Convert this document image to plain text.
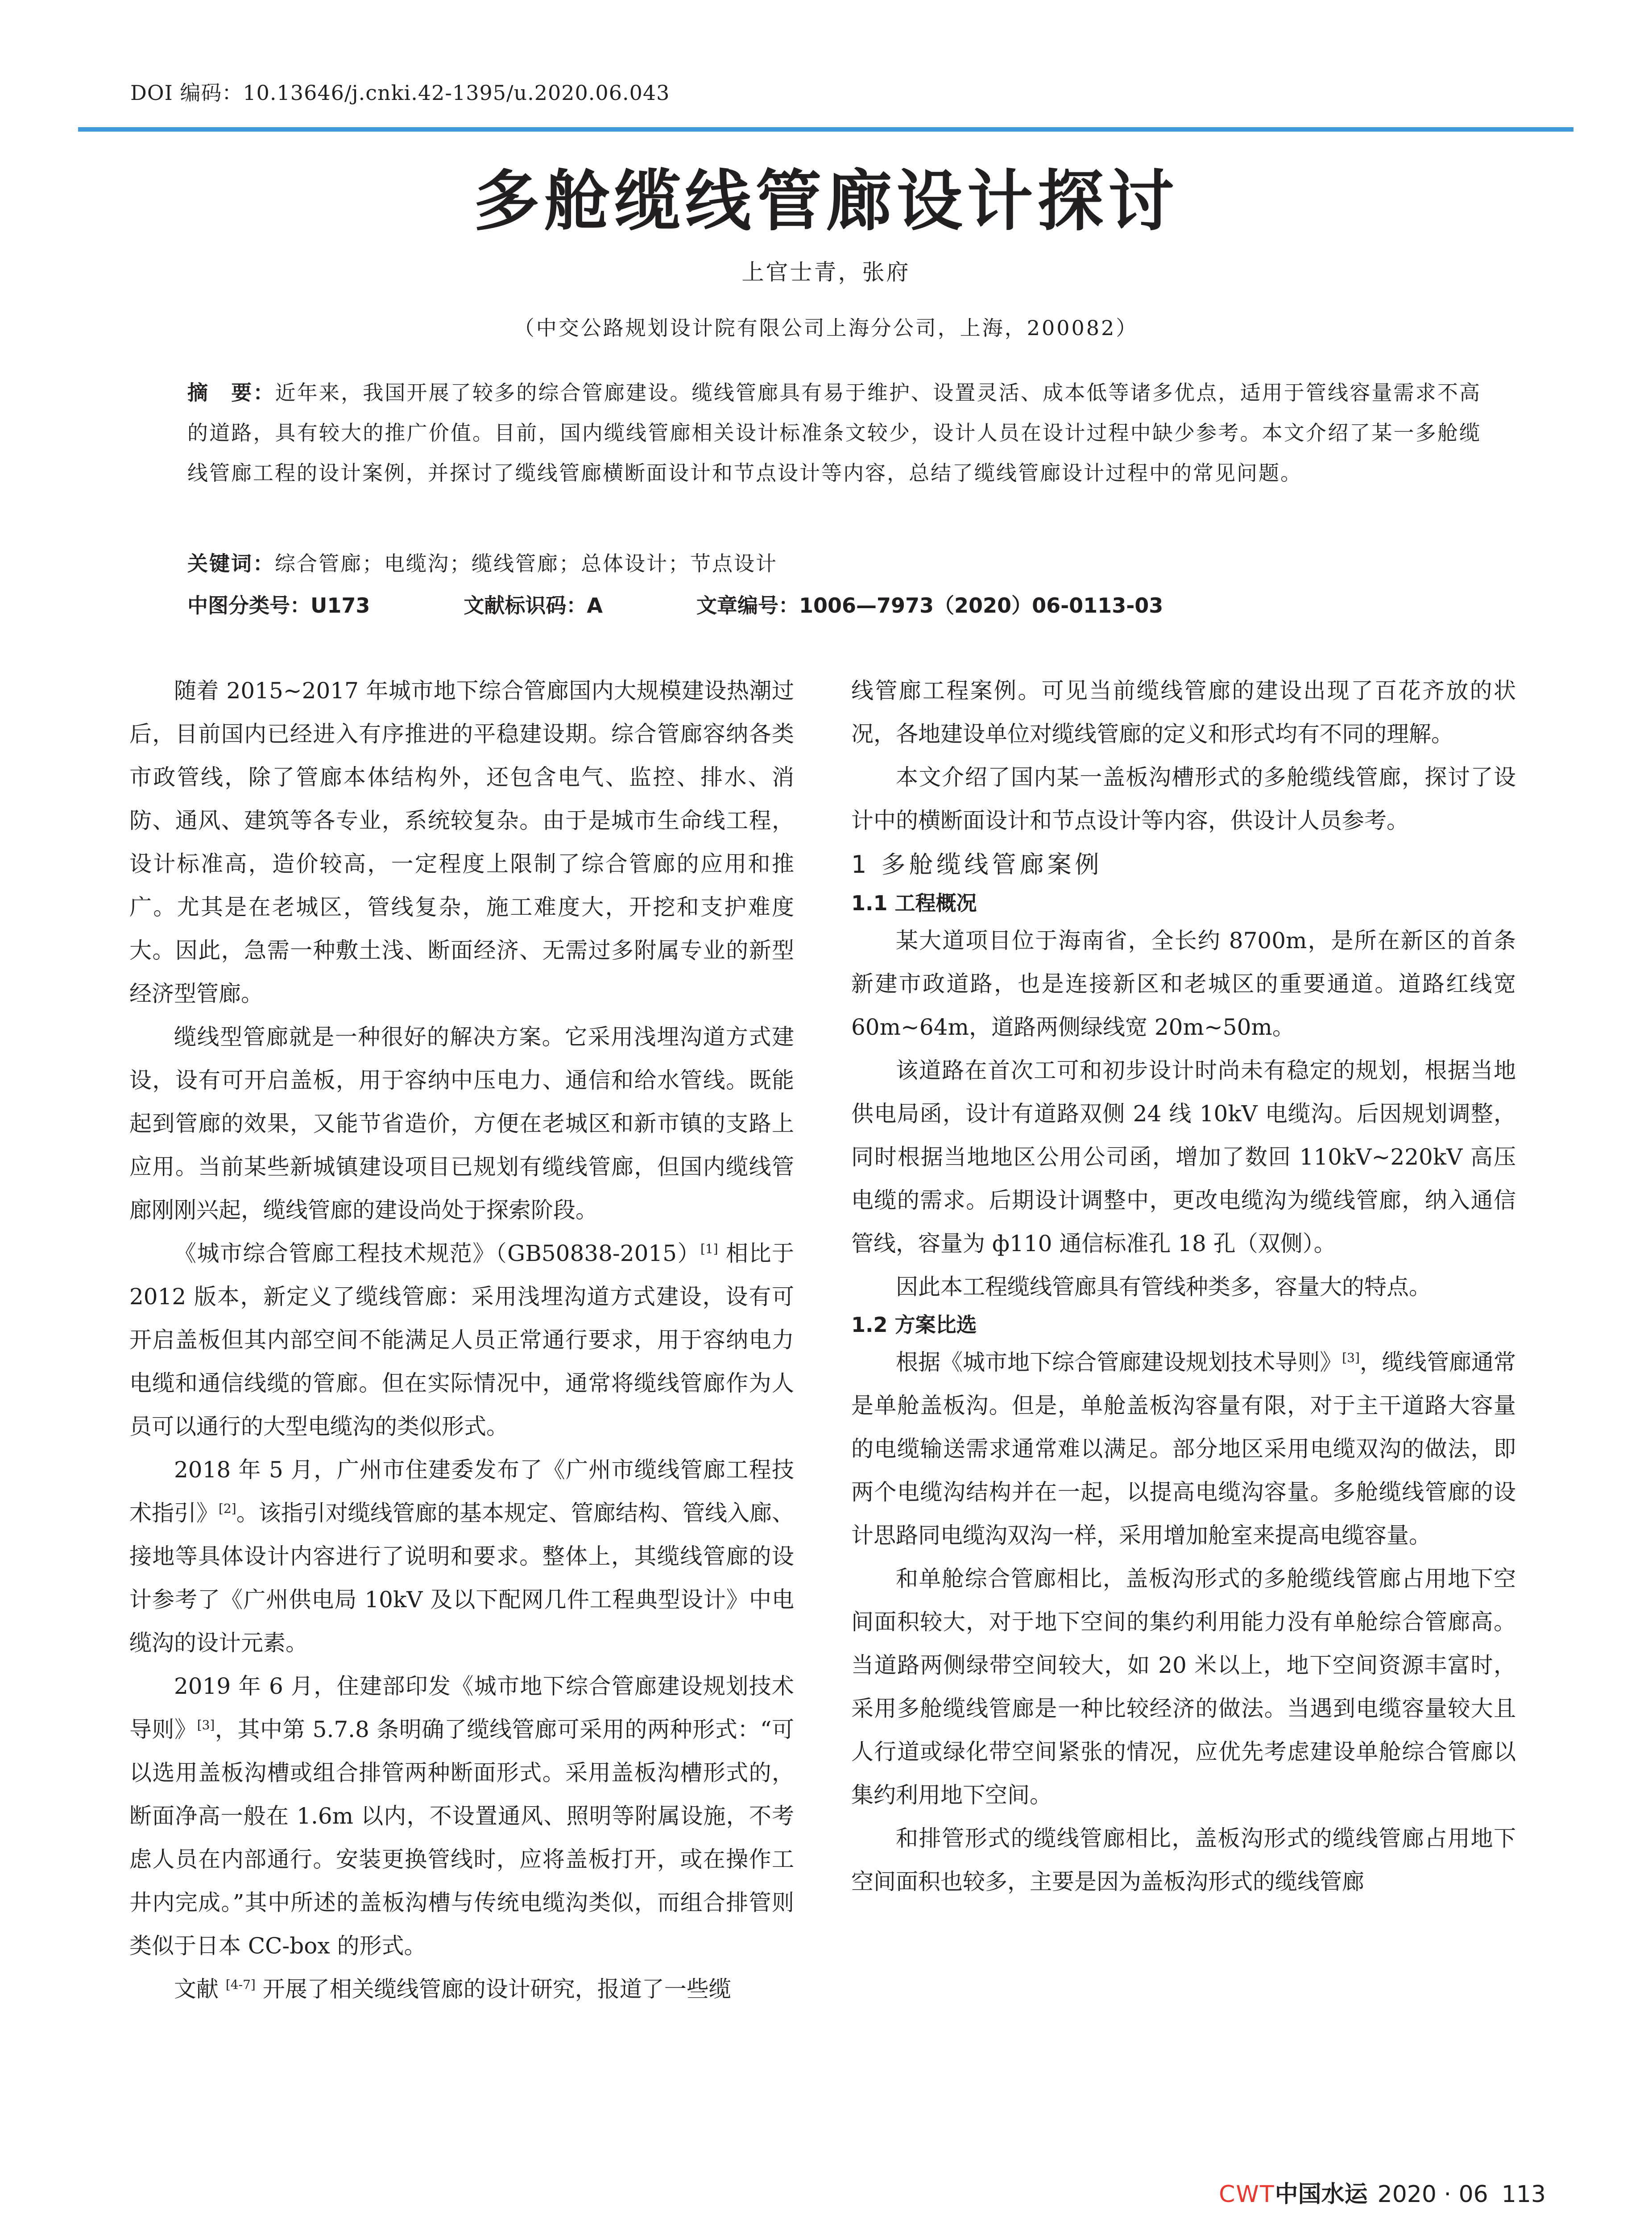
DOI 编码：10.13646/j.cnki.42-1395/u.2020.06.043
多舱缆线管廊设计探讨
上官士青，张府
（中交公路规划设计院有限公司上海分公司，上海，200082）
摘　要：近年来，我国开展了较多的综合管廊建设。缆线管廊具有易于维护、设置灵活、成本低等诸多优点，适用于管线容量需求不高的道路，具有较大的推广价值。目前，国内缆线管廊相关设计标准条文较少，设计人员在设计过程中缺少参考。本文介绍了某一多舱缆线管廊工程的设计案例，并探讨了缆线管廊横断面设计和节点设计等内容，总结了缆线管廊设计过程中的常见问题。
关键词：综合管廊；电缆沟；缆线管廊；总体设计；节点设计
中图分类号：U173	文献标识码：A	文章编号：1006—7973（2020）06-0113-03

随着 2015~2017 年城市地下综合管廊国内大规模建设热潮过后，目前国内已经进入有序推进的平稳建设期。综合管廊容纳各类市政管线，除了管廊本体结构外，还包含电气、监控、排水、消防、通风、建筑等各专业，系统较复杂。由于是城市生命线工程，设计标准高，造价较高，一定程度上限制了综合管廊的应用和推广。尤其是在老城区，管线复杂，施工难度大，开挖和支护难度大。因此，急需一种敷土浅、断面经济、无需过多附属专业的新型经济型管廊。

缆线型管廊就是一种很好的解决方案。它采用浅埋沟道方式建设，设有可开启盖板，用于容纳中压电力、通信和给水管线。既能起到管廊的效果，又能节省造价，方便在老城区和新市镇的支路上应用。当前某些新城镇建设项目已规划有缆线管廊，但国内缆线管廊刚刚兴起，缆线管廊的建设尚处于探索阶段。

《城市综合管廊工程技术规范》（GB50838-2015）[1] 相比于 2012 版本，新定义了缆线管廊：采用浅埋沟道方式建设，设有可开启盖板但其内部空间不能满足人员正常通行要求，用于容纳电力电缆和通信线缆的管廊。但在实际情况中，通常将缆线管廊作为人员可以通行的大型电缆沟的类似形式。

2018 年 5 月，广州市住建委发布了《广州市缆线管廊工程技术指引》[2]。该指引对缆线管廊的基本规定、管廊结构、管线入廊、接地等具体设计内容进行了说明和要求。整体上，其缆线管廊的设计参考了《广州供电局 10kV 及以下配网几件工程典型设计》中电缆沟的设计元素。

2019 年 6 月，住建部印发《城市地下综合管廊建设规划技术导则》[3]，其中第 5.7.8 条明确了缆线管廊可采用的两种形式：“可以选用盖板沟槽或组合排管两种断面形式。采用盖板沟槽形式的，断面净高一般在 1.6m 以内，不设置通风、照明等附属设施，不考虑人员在内部通行。安装更换管线时，应将盖板打开，或在操作工井内完成。”其中所述的盖板沟槽与传统电缆沟类似，而组合排管则类似于日本 CC-box 的形式。

文献 [4-7] 开展了相关缆线管廊的设计研究，报道了一些缆

线管廊工程案例。可见当前缆线管廊的建设出现了百花齐放的状况，各地建设单位对缆线管廊的定义和形式均有不同的理解。

本文介绍了国内某一盖板沟槽形式的多舱缆线管廊，探讨了设计中的横断面设计和节点设计等内容，供设计人员参考。

1 多舱缆线管廊案例
1.1 工程概况

某大道项目位于海南省，全长约 8700m，是所在新区的首条新建市政道路，也是连接新区和老城区的重要通道。道路红线宽 60m~64m，道路两侧绿线宽 20m~50m。

该道路在首次工可和初步设计时尚未有稳定的规划，根据当地供电局函，设计有道路双侧 24 线 10kV 电缆沟。后因规划调整，同时根据当地地区公用公司函，增加了数回 110kV~220kV 高压电缆的需求。后期设计调整中，更改电缆沟为缆线管廊，纳入通信管线，容量为 ф110 通信标准孔 18 孔（双侧）。

因此本工程缆线管廊具有管线种类多，容量大的特点。

1.2 方案比选

根据《城市地下综合管廊建设规划技术导则》[3]，缆线管廊通常是单舱盖板沟。但是，单舱盖板沟容量有限，对于主干道路大容量的电缆输送需求通常难以满足。部分地区采用电缆双沟的做法，即两个电缆沟结构并在一起，以提高电缆沟容量。多舱缆线管廊的设计思路同电缆沟双沟一样，采用增加舱室来提高电缆容量。

和单舱综合管廊相比，盖板沟形式的多舱缆线管廊占用地下空间面积较大，对于地下空间的集约利用能力没有单舱综合管廊高。当道路两侧绿带空间较大，如 20 米以上，地下空间资源丰富时，采用多舱缆线管廊是一种比较经济的做法。当遇到电缆容量较大且人行道或绿化带空间紧张的情况，应优先考虑建设单舱综合管廊以集约利用地下空间。

和排管形式的缆线管廊相比，盖板沟形式的缆线管廊占用地下空间面积也较多，主要是因为盖板沟形式的缆线管廊

CWT中国水运 2020 · 06 113
